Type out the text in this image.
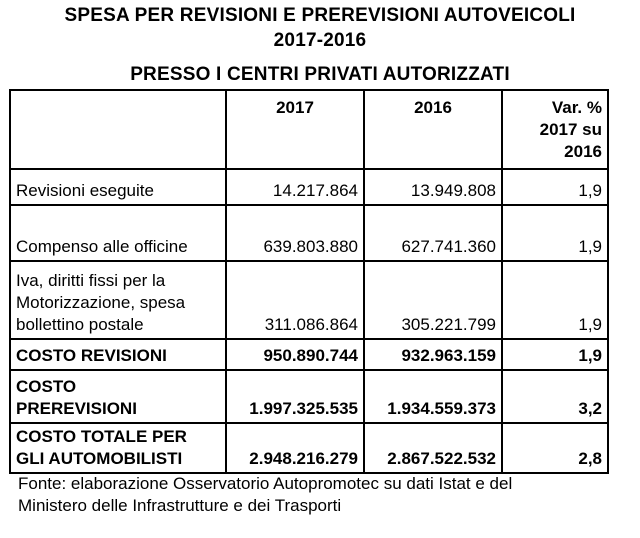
SPESA PER REVISIONI E PREREVISIONI AUTOVEICOLI
2017-2016
PRESSO I CENTRI PRIVATI AUTORIZZATI
	2017	2016	Var. %
2017 su
2016

Revisioni eseguite	14.217.864	13.949.808	1,9
Compenso alle officine	639.803.880	627.741.360	1,9

Iva, diritti fissi per la
Motorizzazione, spesa
bollettino postale	311.086.864	305.221.799	1,9
COSTO REVISIONI	950.890.744	932.963.159	1,9

COSTO
PREREVISIONI	1.997.325.535	1.934.559.373	3,2

COSTO TOTALE PER
GLI AUTOMOBILISTI	2.948.216.279	2.867.522.532	2,8
Fonte: elaborazione Osservatorio Autopromotec su dati Istat e del
Ministero delle Infrastrutture e dei Trasporti
